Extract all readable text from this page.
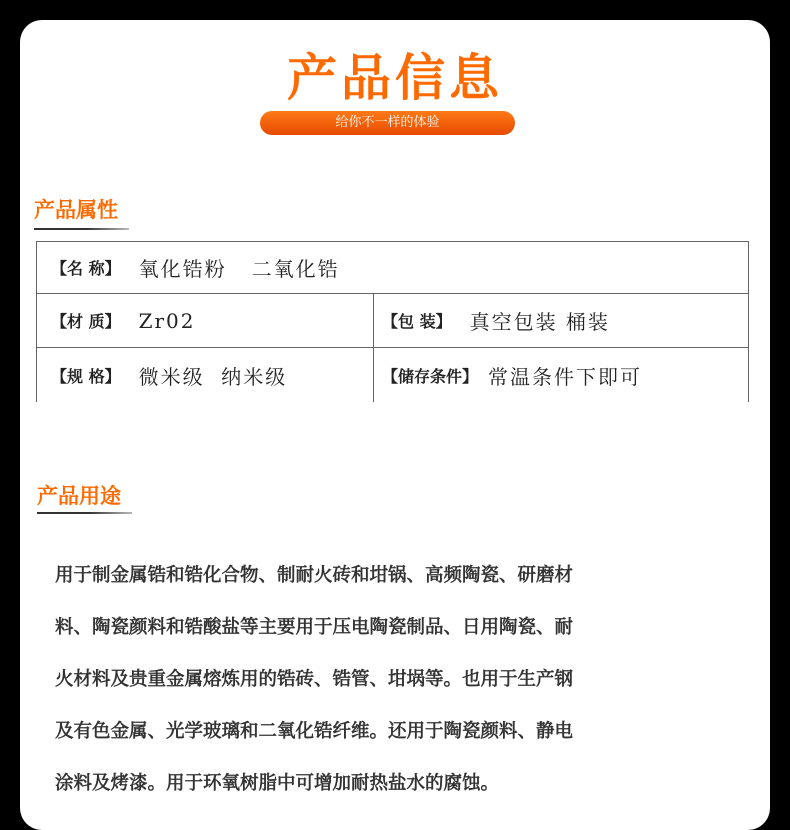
产品信息
给你不一样的体验
产品属性
【名 称】 氧化锆粉   二氧化锆
【材 质】 Zr02	【包 装】 真空包装 桶装
【规 格】 微米级  纳米级	【储存条件】 常温条件下即可
产品用途
用于制金属锆和锆化合物、制耐火砖和坩锅、高频陶瓷、研磨材
料、陶瓷颜料和锆酸盐等主要用于压电陶瓷制品、日用陶瓷、耐
火材料及贵重金属熔炼用的锆砖、锆管、坩埚等。也用于生产钢
及有色金属、光学玻璃和二氧化锆纤维。还用于陶瓷颜料、静电
涂料及烤漆。用于环氧树脂中可增加耐热盐水的腐蚀。
